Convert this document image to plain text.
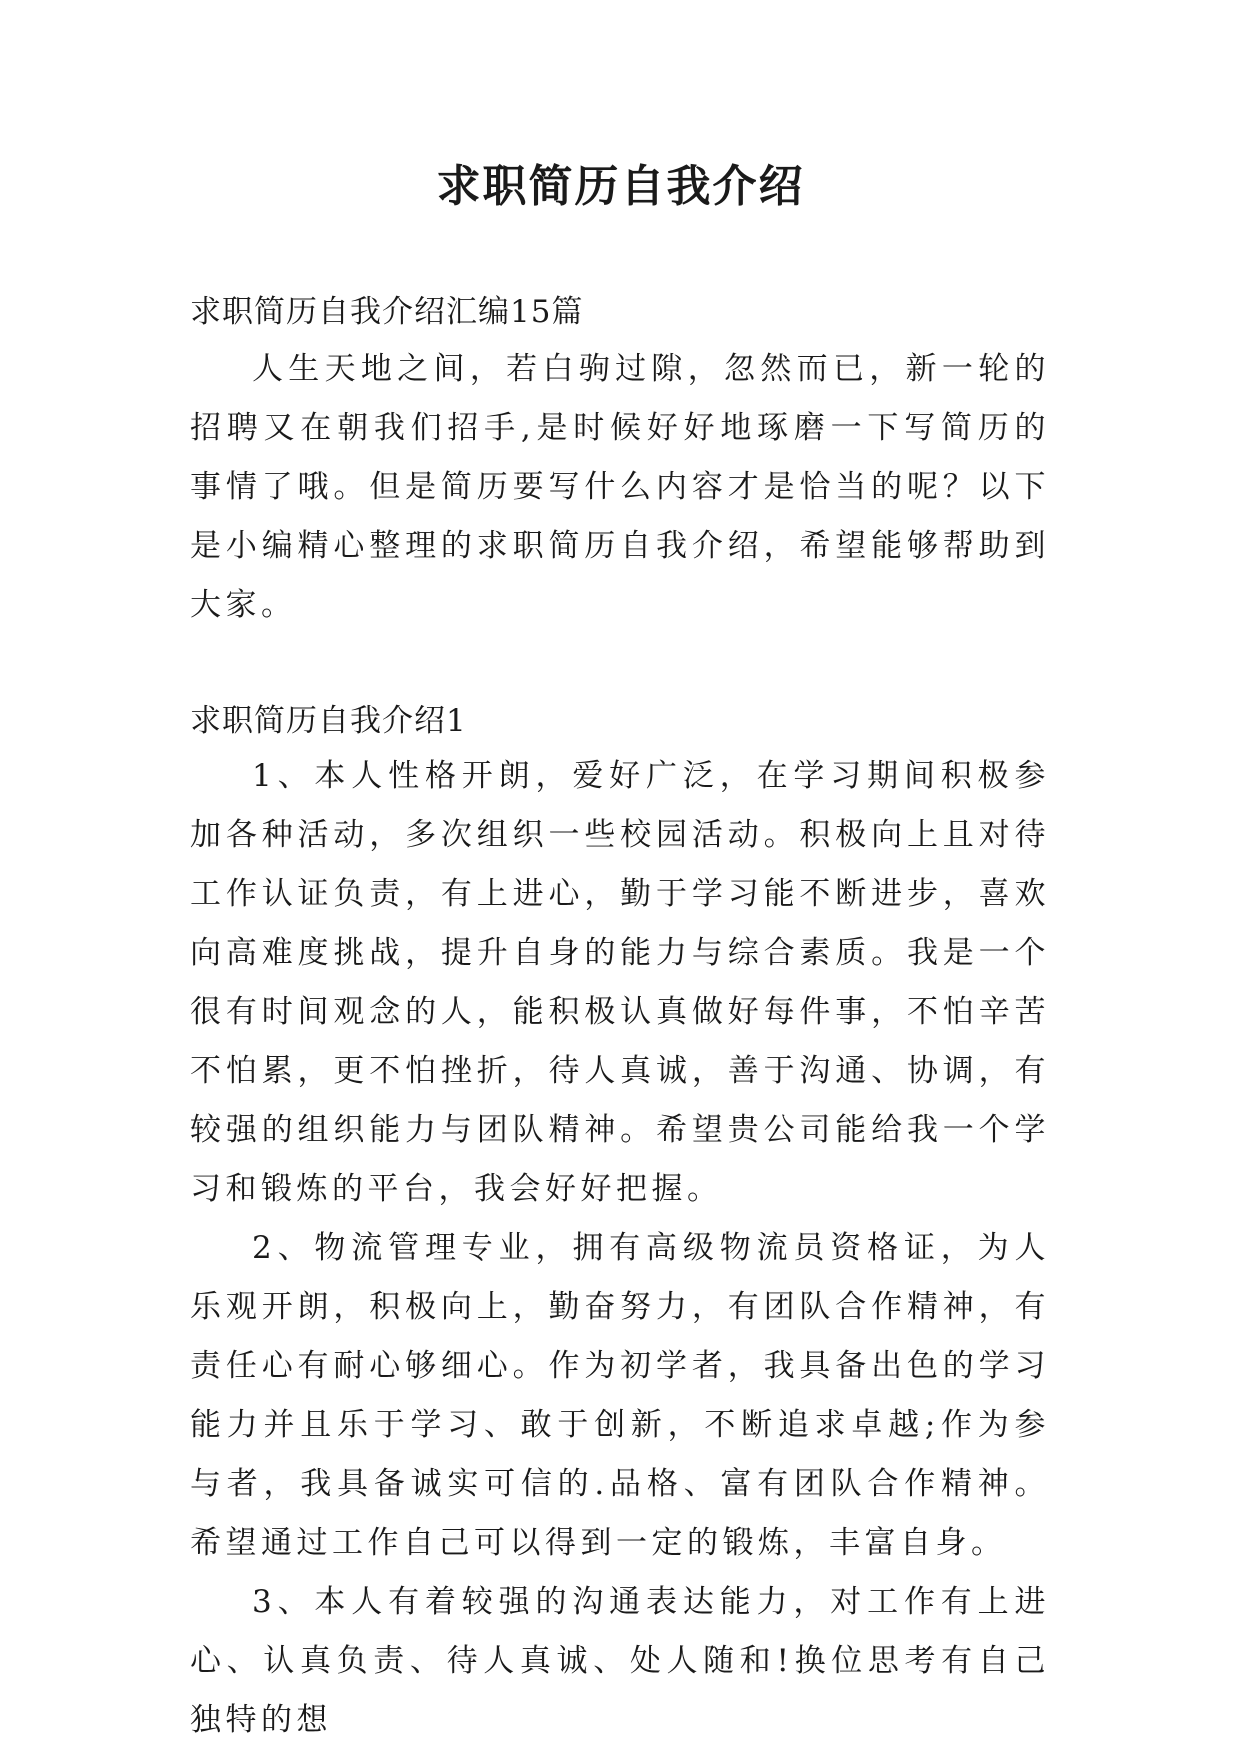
求职简历自我介绍

求职简历自我介绍汇编15篇

人生天地之间，若白驹过隙，忽然而已，新一轮的招聘又在朝我们招手,是时候好好地琢磨一下写简历的事情了哦。但是简历要写什么内容才是恰当的呢？以下是小编精心整理的求职简历自我介绍，希望能够帮助到大家。

求职简历自我介绍1

1、本人性格开朗，爱好广泛，在学习期间积极参加各种活动，多次组织一些校园活动。积极向上且对待工作认证负责，有上进心，勤于学习能不断进步，喜欢向高难度挑战，提升自身的能力与综合素质。我是一个很有时间观念的人，能积极认真做好每件事，不怕辛苦不怕累，更不怕挫折，待人真诚，善于沟通、协调，有较强的组织能力与团队精神。希望贵公司能给我一个学习和锻炼的平台，我会好好把握。

2、物流管理专业，拥有高级物流员资格证，为人乐观开朗，积极向上，勤奋努力，有团队合作精神，有责任心有耐心够细心。作为初学者，我具备出色的学习能力并且乐于学习、敢于创新，不断追求卓越;作为参与者，我具备诚实可信的.品格、富有团队合作精神。希望通过工作自己可以得到一定的锻炼，丰富自身。

3、本人有着较强的沟通表达能力，对工作有上进心、认真负责、待人真诚、处人随和!换位思考有自己独特的想
